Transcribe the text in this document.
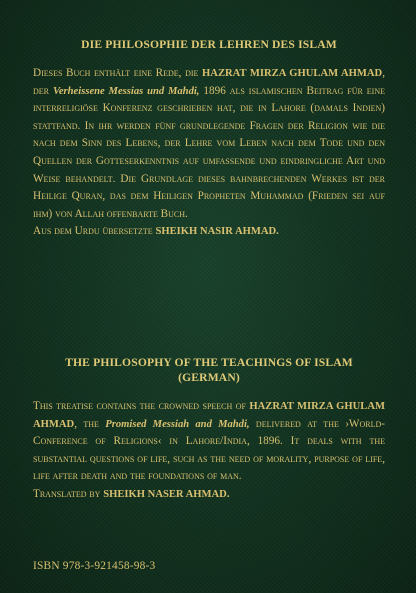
DIE PHILOSOPHIE DER LEHREN DES ISLAM

Dieses Buch enthält eine Rede, die HAZRAT MIRZA GHULAM AHMAD, der Verheissene Messias und Mahdi, 1896 als islamischen Beitrag für eine interreligiöse Konferenz geschrieben hat, die in Lahore (damals Indien) stattfand. In ihr werden fünf grundlegende Fragen der Religion wie die nach dem Sinn des Lebens, der Lehre vom Leben nach dem Tode und den Quellen der Gotteserkenntnis auf umfassende und eindringliche Art und Weise behandelt. Die Grundlage dieses bahnbrechenden Werkes ist der Heilige Quran, das dem Heiligen Propheten Muhammad (Frieden sei auf ihm) von Allah offenbarte Buch.

Aus dem Urdu übersetzte SHEIKH NASIR AHMAD.

THE PHILOSOPHY OF THE TEACHINGS OF ISLAM
(GERMAN)

This treatise contains the crowned speech of HAZRAT MIRZA GHULAM AHMAD, the Promised Messiah and Mahdi, delivered at the ›World-Conference of Religions‹ in Lahore/India, 1896. It deals with the substantial questions of life, such as the need of morality, purpose of life, life after death and the foundations of man.

Translated by SHEIKH NASER AHMAD.

ISBN 978-3-921458-98-3
